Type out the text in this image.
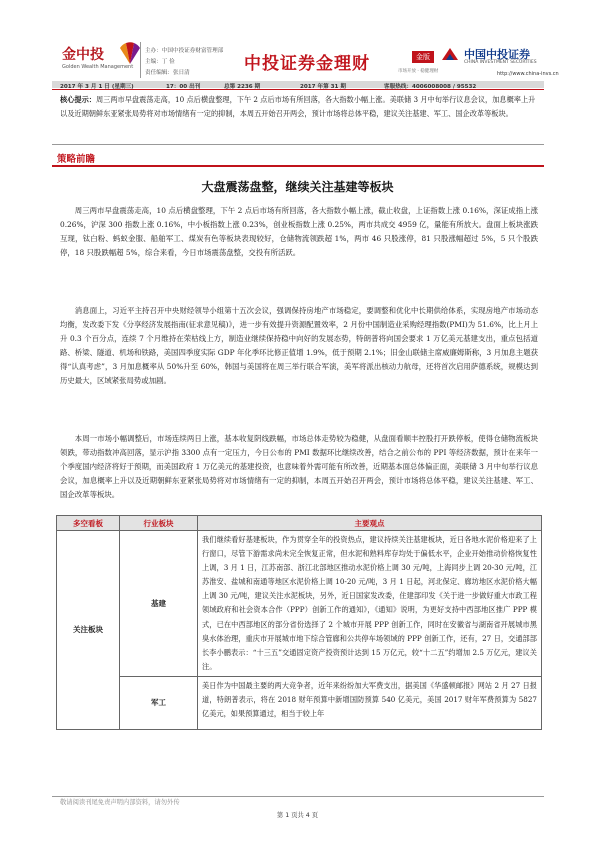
金中投
Golden Wealth Management
主办：中国中投证券财富管理部
主编：丁 俭
责任编辑：张日清	中投证券金理财	金版
市场开放 · 稳健理财
中国中投证券
CHINA INVESTMENT SECURITIES
http://www.china-invs.cn
2017 年 3 月 1 日 (星期三)	17：00 出刊	总第 2236 期	2017 年第 31 期	客服热线：4006008008 / 95532
核心提示：周三两市早盘震荡走高，10 点后横盘整理，下午 2 点后市场有所回落，各大指数小幅上涨。美联储 3 月中旬举行议息会议，加息概率上升以及近期朝鲜东亚紧张局势将对市场情绪有一定的抑制，本周五开始召开两会，预计市场将总体平稳，建议关注基建、军工、国企改革等板块。
策略前瞻
大盘震荡盘整，继续关注基建等板块
周三两市早盘震荡走高，10 点后横盘整理，下午 2 点后市场有所回落，各大指数小幅上涨，截止收盘，上证指数上涨 0.16%，深证成指上涨 0.26%，沪深 300 指数上涨 0.16%，中小板指数上涨 0.23%，创业板指数上涨 0.25%，两市共成交 4959 亿，量能有所放大。盘面上板块涨跌互现，钛白粉、蚂蚁金服、船舶军工、煤炭有色等板块表现较好，仓储物流领跌超 1%，两市 46 只股涨停，81 只股涨幅超过 5%，5 只个股跌停，18 只股跌幅超 5%，综合来看，今日市场震荡盘整，交投有所活跃。
消息面上，习近平主持召开中央财经领导小组第十五次会议，强调保持房地产市场稳定，要调整和优化中长期供给体系，实现房地产市场动态均衡，发改委下发《分享经济发展指南(征求意见稿)》，进一步有效提升资源配置效率，2 月份中国制造业采购经理指数(PMI)为 51.6%，比上月上升 0.3 个百分点，连续 7 个月维持在荣枯线上方，制造业继续保持稳中向好的发展态势，特朗普将向国会要求 1 万亿美元基建支出，重点包括道路、桥梁、隧道、机场和铁路，美国四季度实际 GDP 年化季环比修正值增 1.9%，低于预期 2.1%；旧金山联储主席威廉姆斯称，3 月加息主题获得“认真考虑”，3 月加息概率从 50%升至 60%，韩国与美国将在周三举行联合军演，美军将派出核动力航母，还将首次启用萨德系统，规模达到历史最大，区域紧张局势或加剧。
本周一市场小幅调整后，市场连续两日上涨，基本收复阴线跌幅，市场总体走势较为稳健，从盘面看顺丰控股打开跌停板，使得仓储物流板块领跌，带动指数冲高回落，显示沪指 3300 点有一定压力，今日公布的 PMI 数据环比继续改善，结合之前公布的 PPI 等经济数据，预计在来年一个季度国内经济将好于预期，而美国政府 1 万亿美元的基建投资，也意味着外需可能有所改善，近期基本面总体偏正面，美联储 3 月中旬举行议息会议，加息概率上升以及近期朝鲜东亚紧张局势将对市场情绪有一定的抑制，本周五开始召开两会，预计市场将总体平稳，建议关注基建、军工、国企改革等板块。
多空看板	行业板块	主要观点
关注板块	基建	我们继续看好基建板块，作为贯穿全年的投资热点，建议持续关注基建板块，近日各地水泥价格迎来了上行窗口，尽管下游需求尚未完全恢复正常，但水泥和熟料库存均处于偏低水平，企业开始推动价格恢复性上调，3 月 1 日，江苏南部、浙江北部地区推动水泥价格上调 30 元/吨，上海同步上调 20-30 元/吨，江苏淮安、盐城和南通等地区水泥价格上调 10-20 元/吨，3 月 1 日起，河北保定、廊坊地区水泥价格大幅上调 30 元/吨，建议关注水泥板块，另外，近日国家发改委，住建部印发《关于进一步做好重大市政工程领域政府和社会资本合作（PPP）创新工作的通知》，《通知》说明，为更好支持中西部地区推广 PPP 模式，已在中西部地区的部分省份选择了 2 个城市开展 PPP 创新工作，同时在安徽省与湖南省开展城市黑臭水体治理，重庆市开展城市地下综合管廊和公共停车场领域的 PPP 创新工作，还有，27 日，交通部部长李小鹏表示：“十三五”交通固定资产投资预计达到 15 万亿元，较“十二五”约增加 2.5 万亿元，建议关注。
	军工	美日作为中国最主要的两大竞争者，近年来纷纷加大军费支出，据美国《华盛顿邮报》网站 2 月 27 日报道，特朗普表示，将在 2018 财年预算中新增国防预算 540 亿美元，美国 2017 财年军费预算为 5827 亿美元，如果预算通过，相当于较上年
敬请阅读刊尾免责声明内部资料，请勿外传
第 1 页共 4 页
